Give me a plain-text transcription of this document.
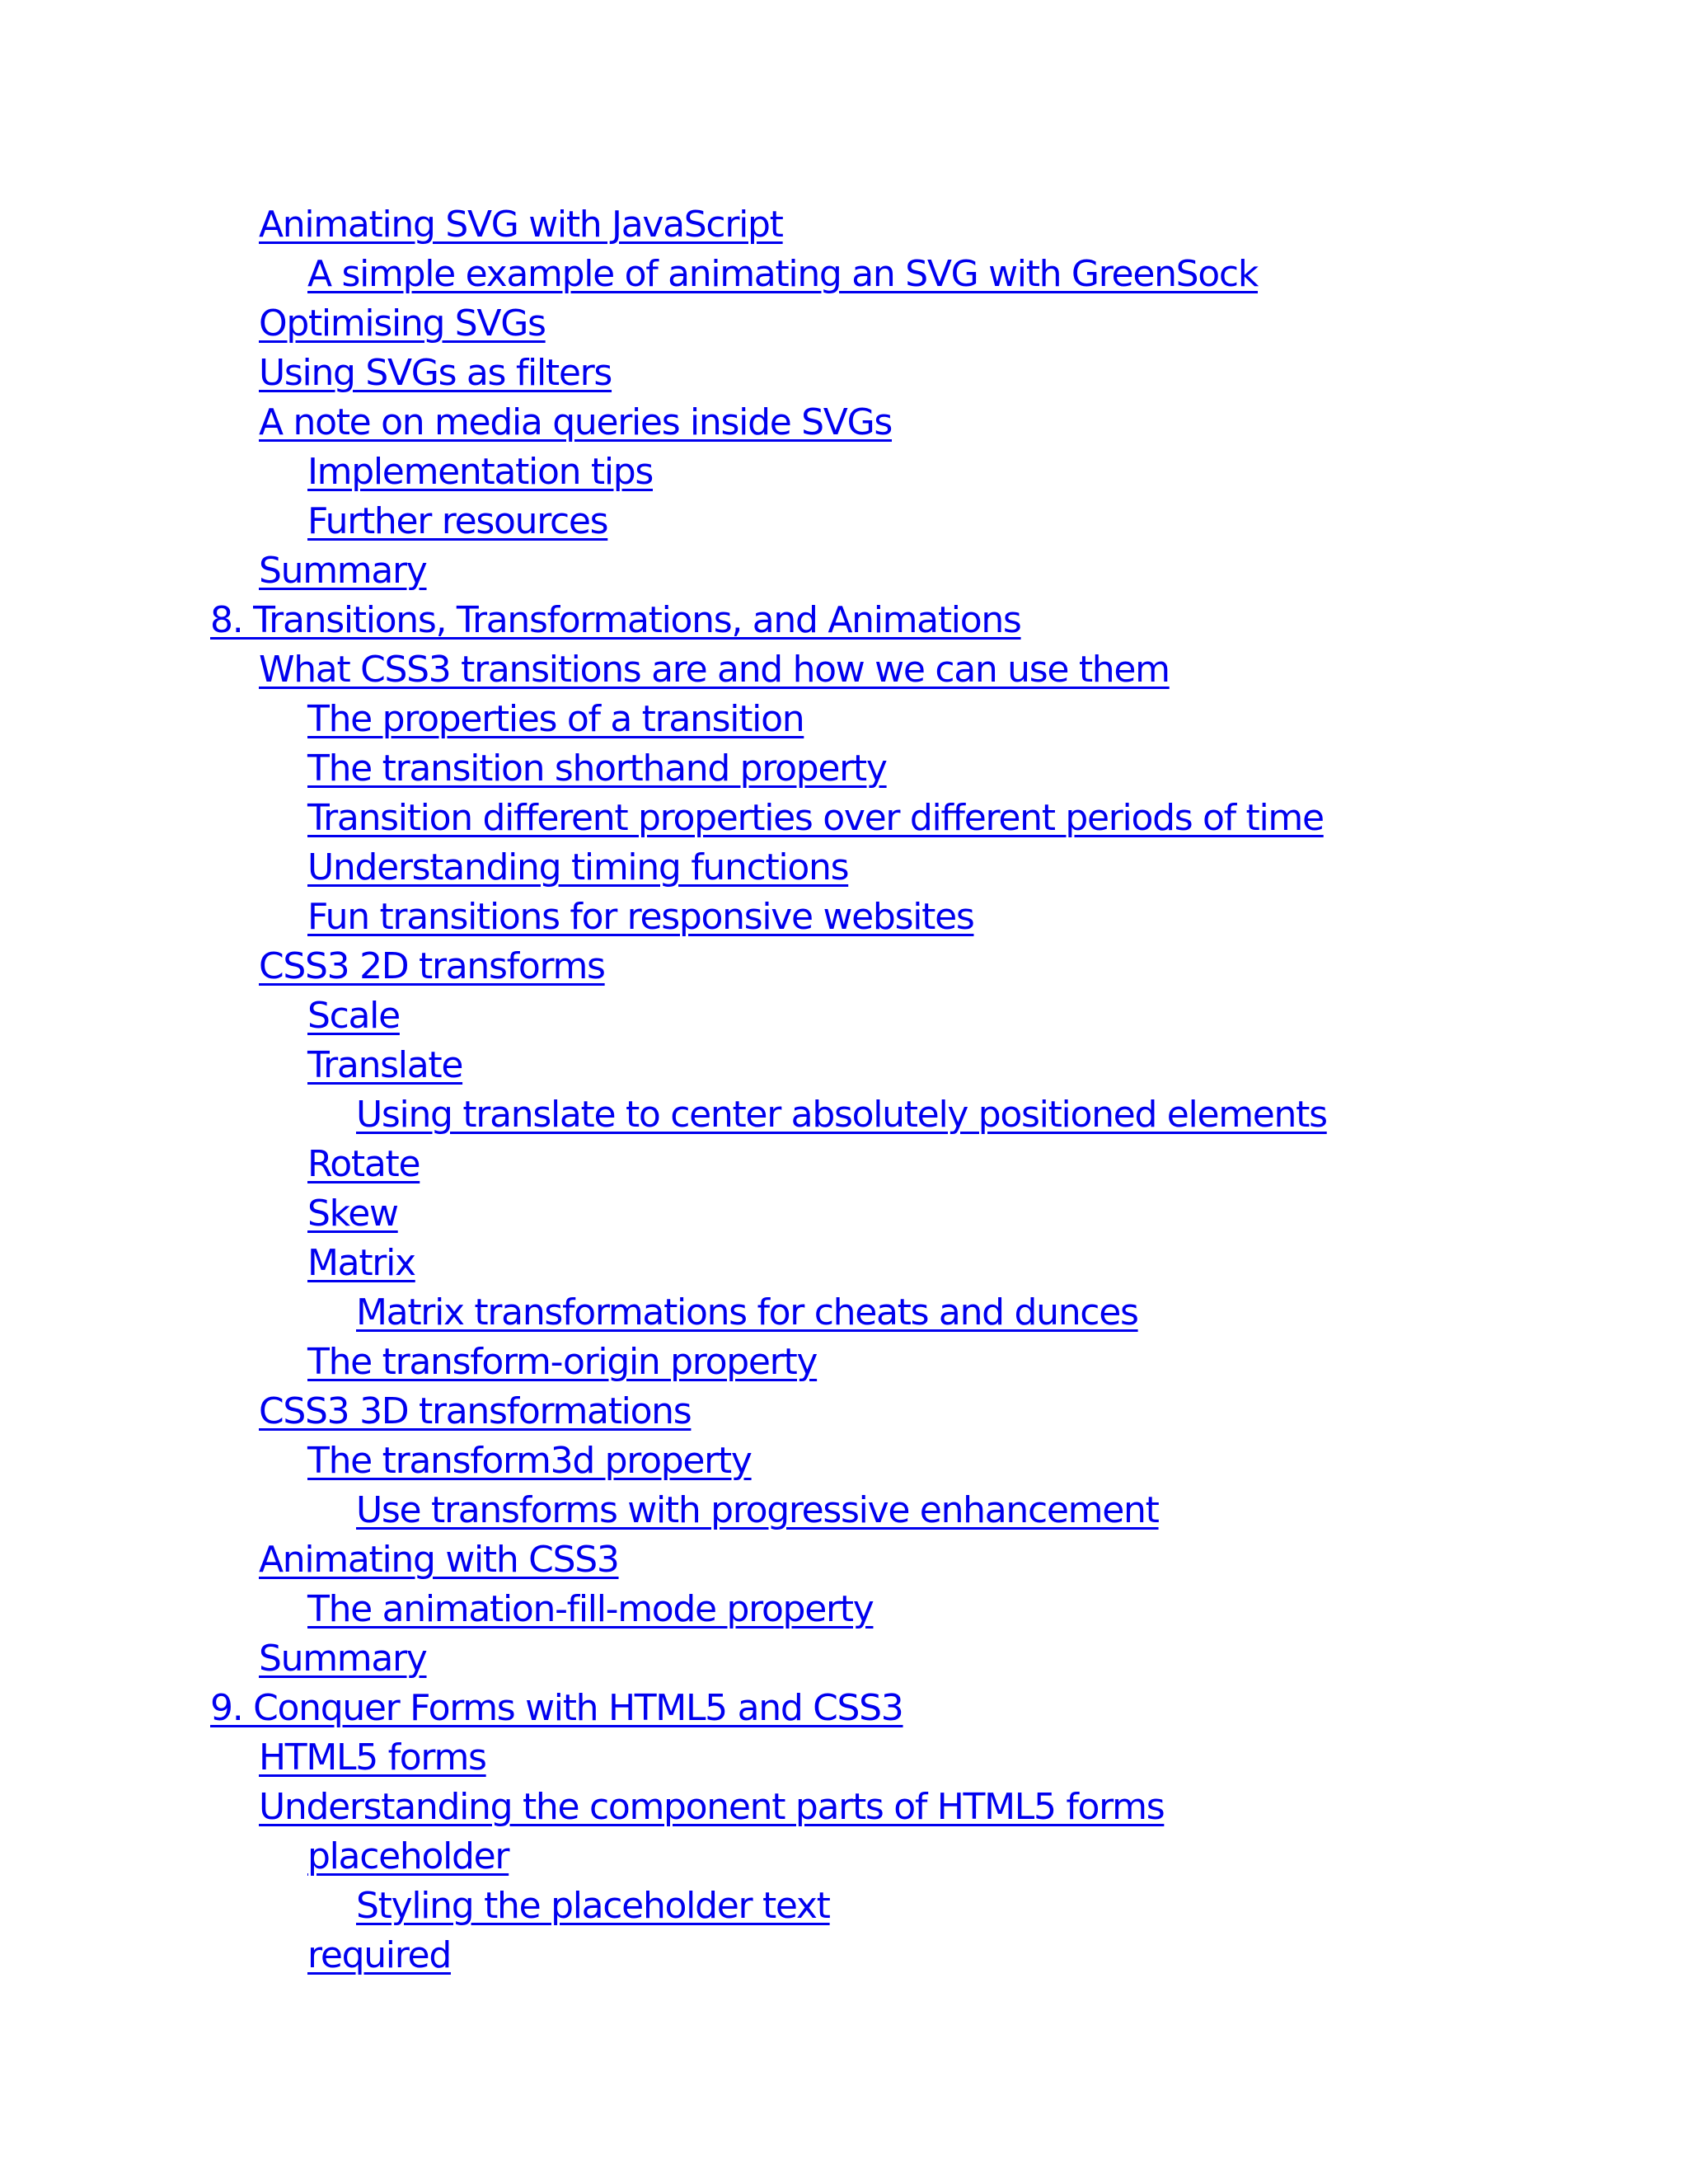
Animating SVG with JavaScript
A simple example of animating an SVG with GreenSock
Optimising SVGs
Using SVGs as filters
A note on media queries inside SVGs
Implementation tips
Further resources
Summary
8. Transitions, Transformations, and Animations
What CSS3 transitions are and how we can use them
The properties of a transition
The transition shorthand property
Transition different properties over different periods of time
Understanding timing functions
Fun transitions for responsive websites
CSS3 2D transforms
Scale
Translate
Using translate to center absolutely positioned elements
Rotate
Skew
Matrix
Matrix transformations for cheats and dunces
The transform-origin property
CSS3 3D transformations
The transform3d property
Use transforms with progressive enhancement
Animating with CSS3
The animation-fill-mode property
Summary
9. Conquer Forms with HTML5 and CSS3
HTML5 forms
Understanding the component parts of HTML5 forms
placeholder
Styling the placeholder text
required
